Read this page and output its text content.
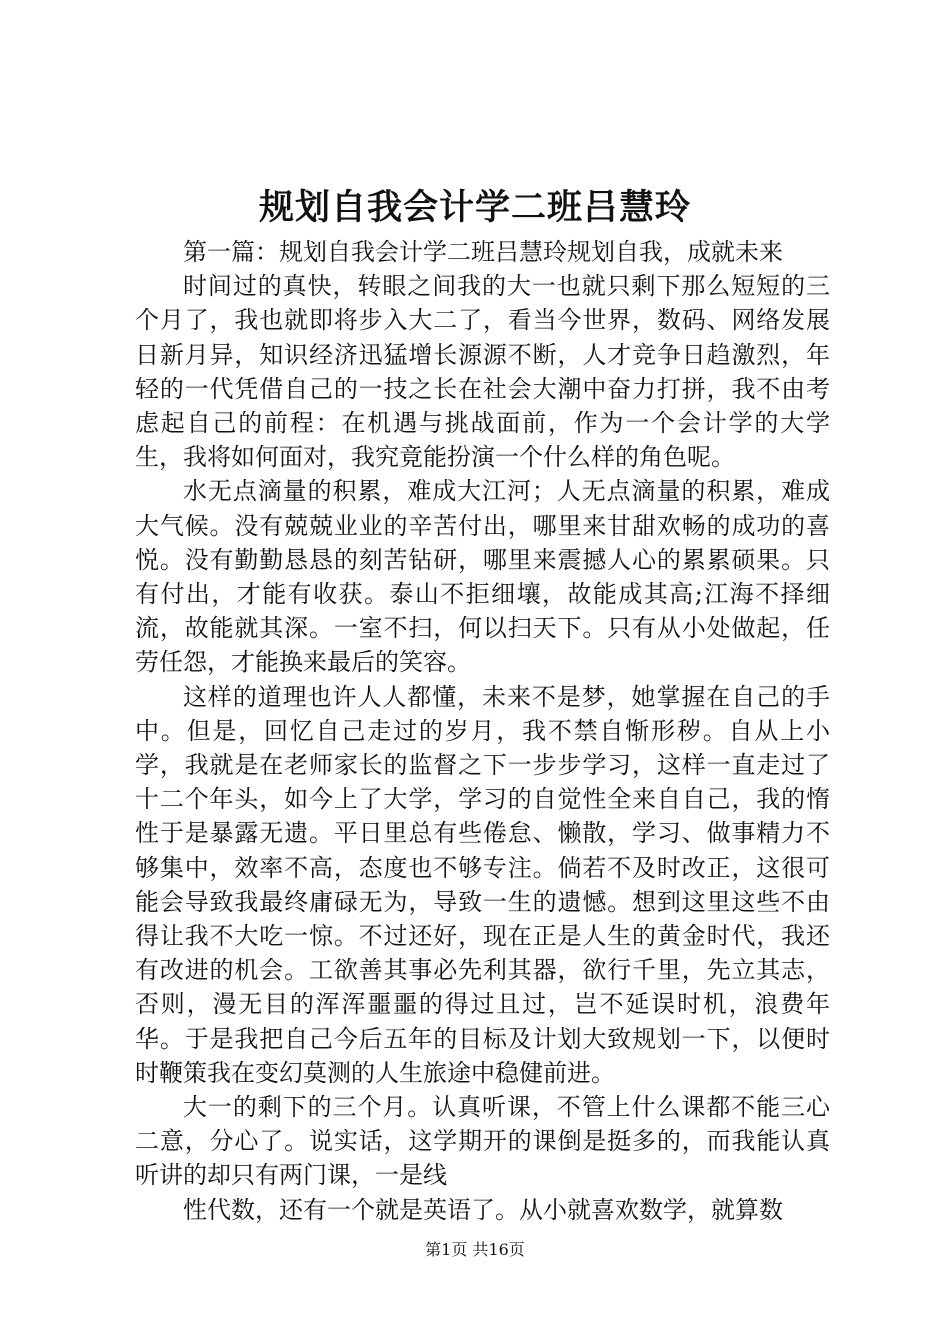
规划自我会计学二班吕慧玲

第一篇：规划自我会计学二班吕慧玲规划自我，成就未来

时间过的真快，转眼之间我的大一也就只剩下那么短短的三个月了，我也就即将步入大二了，看当今世界，数码、网络发展日新月异，知识经济迅猛增长源源不断，人才竞争日趋激烈，年轻的一代凭借自己的一技之长在社会大潮中奋力打拼，我不由考虑起自己的前程：在机遇与挑战面前，作为一个会计学的大学生，我将如何面对，我究竟能扮演一个什么样的角色呢。

水无点滴量的积累，难成大江河；人无点滴量的积累，难成大气候。没有兢兢业业的辛苦付出，哪里来甘甜欢畅的成功的喜悦。没有勤勤恳恳的刻苦钻研，哪里来震撼人心的累累硕果。只有付出，才能有收获。泰山不拒细壤，故能成其高;江海不择细流，故能就其深。一室不扫，何以扫天下。只有从小处做起，任劳任怨，才能换来最后的笑容。

这样的道理也许人人都懂，未来不是梦，她掌握在自己的手中。但是，回忆自己走过的岁月，我不禁自惭形秽。自从上小学，我就是在老师家长的监督之下一步步学习，这样一直走过了十二个年头，如今上了大学，学习的自觉性全来自自己，我的惰性于是暴露无遗。平日里总有些倦怠、懒散，学习、做事精力不够集中，效率不高，态度也不够专注。倘若不及时改正，这很可能会导致我最终庸碌无为，导致一生的遗憾。想到这里这些不由得让我不大吃一惊。不过还好，现在正是人生的黄金时代，我还有改进的机会。工欲善其事必先利其器，欲行千里，先立其志，否则，漫无目的浑浑噩噩的得过且过，岂不延误时机，浪费年华。于是我把自己今后五年的目标及计划大致规划一下，以便时时鞭策我在变幻莫测的人生旅途中稳健前进。

大一的剩下的三个月。认真听课，不管上什么课都不能三心二意，分心了。说实话，这学期开的课倒是挺多的，而我能认真听讲的却只有两门课，一是线

性代数，还有一个就是英语了。从小就喜欢数学，就算数

第1页 共16页
